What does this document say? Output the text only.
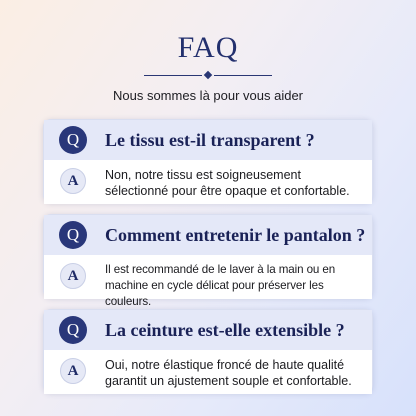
FAQ
Nous sommes là pour vous aider
Q	Le tissu est-il transparent ?
A	Non, notre tissu est soigneusement sélectionné pour être opaque et confortable.
Q	Comment entretenir le pantalon ?
A	Il est recommandé de le laver à la main ou en machine en cycle délicat pour préserver les couleurs.
Q	La ceinture est-elle extensible ?
A	Oui, notre élastique froncé de haute qualité garantit un ajustement souple et confortable.
